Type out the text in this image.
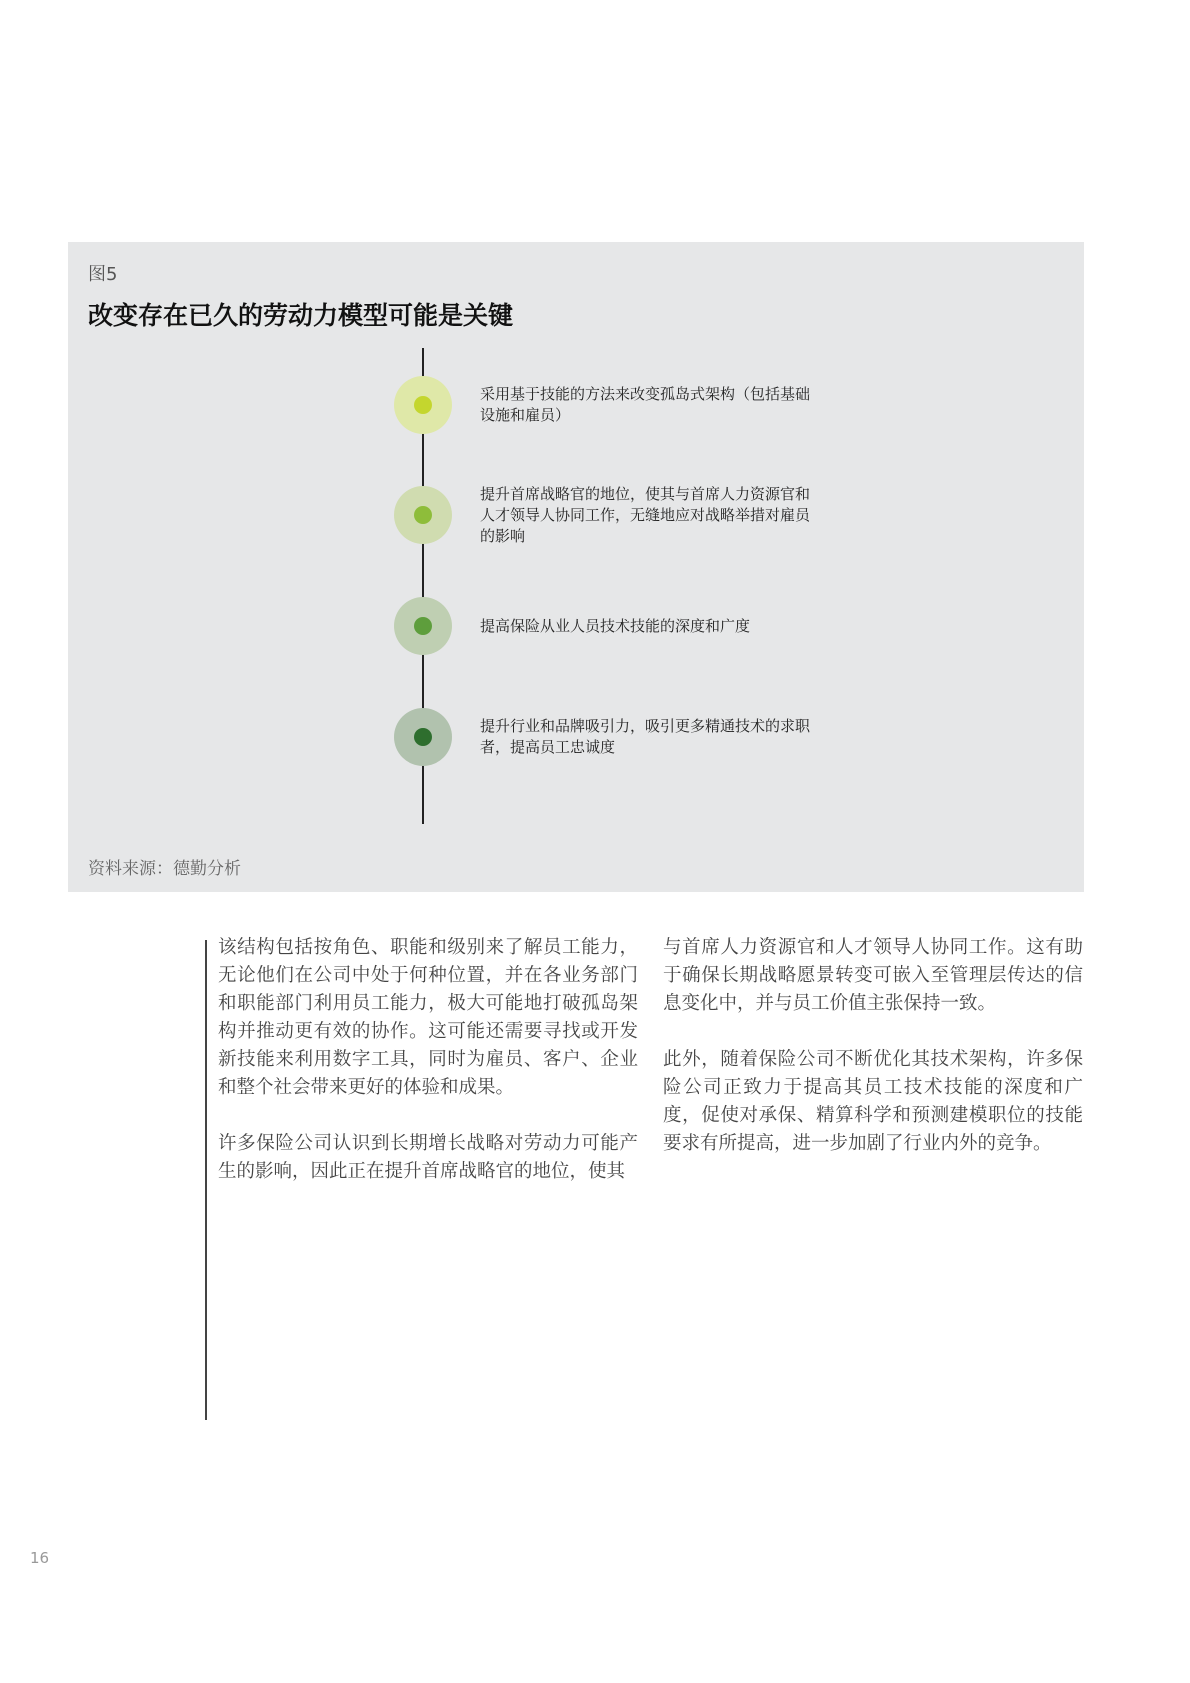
图5
改变存在已久的劳动力模型可能是关键
采用基于技能的方法来改变孤岛式架构（包括基础设施和雇员）
提升首席战略官的地位，使其与首席人力资源官和人才领导人协同工作，无缝地应对战略举措对雇员的影响
提高保险从业人员技术技能的深度和广度
提升行业和品牌吸引力，吸引更多精通技术的求职者，提高员工忠诚度
资料来源：德勤分析

该结构包括按角色、职能和级别来了解员工能力，无论他们在公司中处于何种位置，并在各业务部门和职能部门利用员工能力，极大可能地打破孤岛架构并推动更有效的协作。这可能还需要寻找或开发新技能来利用数字工具，同时为雇员、客户、企业和整个社会带来更好的体验和成果。

许多保险公司认识到长期增长战略对劳动力可能产生的影响，因此正在提升首席战略官的地位，使其

与首席人力资源官和人才领导人协同工作。这有助于确保长期战略愿景转变可嵌入至管理层传达的信息变化中，并与员工价值主张保持一致。

此外，随着保险公司不断优化其技术架构，许多保险公司正致力于提高其员工技术技能的深度和广度，促使对承保、精算科学和预测建模职位的技能要求有所提高，进一步加剧了行业内外的竞争。

16
